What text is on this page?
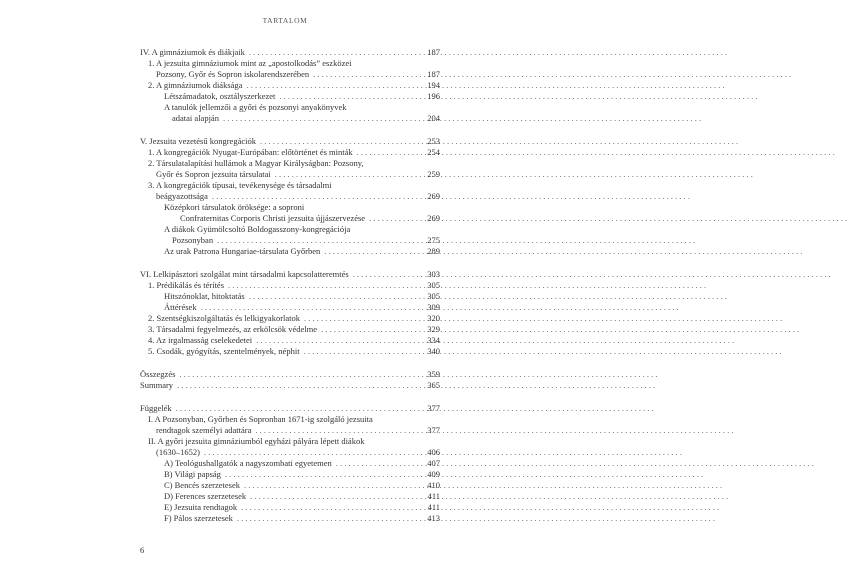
TARTALOM
IV. A gimnáziumok és diákjaik . . .	187
1. A jezsuita gimnáziumok mint az „apostolkodás” eszközei
Pozsony, Győr és Sopron iskolarendszerében . . .	187
2. A gimnáziumok diáksága . . .	194
Létszámadatok, osztályszerkezet . . .	196
A tanulók jellemzői a győri és pozsonyi anyakönyvek
adatai alapján . . .	204
V. Jezsuita vezetésű kongregációk . . .	253
1. A kongregációk Nyugat-Európában: előtörténet és minták . . .	254
2. Társulatalapítási hullámok a Magyar Királyságban: Pozsony,
Győr és Sopron jezsuita társulatai . . .	259
3. A kongregációk típusai, tevékenysége és társadalmi
beágyazottsága . . .	269
Középkori társulatok öröksége: a soproni
Confraternitas Corporis Christi jezsuita újjászervezése . . .	269
A diákok Gyümölcsoltó Boldogasszony-kongregációja
Pozsonyban . . .	275
Az urak Patrona Hungariae-társulata Győrben . . .	289
VI. Lelkipásztori szolgálat mint társadalmi kapcsolatteremtés . . .	303
1. Prédikálás és térítés . . .	305
Hitszónoklat, hitoktatás . . .	305
Áttérések . . .	309
2. Szentségkiszolgáltatás és lelkigyakorlatok . . .	320
3. Társadalmi fegyelmezés, az erkölcsök védelme . . .	329
4. Az irgalmasság cselekedetei . . .	334
5. Csodák, gyógyítás, szentelmények, néphit . . .	340
Összegzés . . .	359
Summary . . .	365
Függelék . . .	377
I. A Pozsonyban, Győrben és Sopronban 1671-ig szolgáló jezsuita
rendtagok személyi adattára . . .	377
II. A győri jezsuita gimnáziumból egyházi pályára lépett diákok
(1630–1652) . . .	406
A) Teológushallgatók a nagyszombati egyetemen . . .	407
B) Világi papság . . .	409
C) Bencés szerzetesek . . .	410
D) Ferences szerzetesek . . .	411
E) Jezsuita rendtagok . . .	411
F) Pálos szerzetesek . . .	413
6
